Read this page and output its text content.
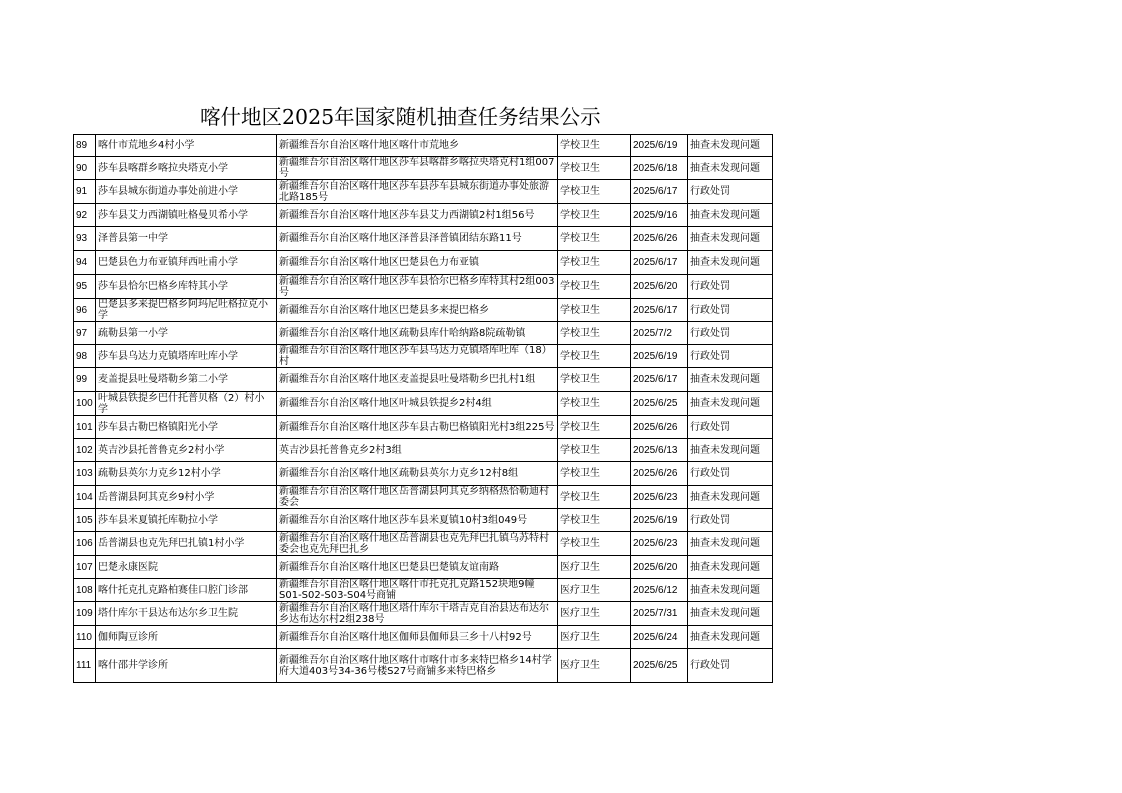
喀什地区2025年国家随机抽查任务结果公示
89	喀什市荒地乡4村小学	新疆维吾尔自治区喀什地区喀什市荒地乡	学校卫生	2025/6/19	抽查未发现问题
90	莎车县喀群乡喀拉央塔克小学	新疆维吾尔自治区喀什地区莎车县喀群乡喀拉央塔克村1组007号	学校卫生	2025/6/18	抽查未发现问题
91	莎车县城东街道办事处前进小学	新疆维吾尔自治区喀什地区莎车县莎车县城东街道办事处旅游北路185号	学校卫生	2025/6/17	行政处罚
92	莎车县艾力西湖镇吐格曼贝希小学	新疆维吾尔自治区喀什地区莎车县艾力西湖镇2村1组56号	学校卫生	2025/9/16	抽查未发现问题
93	泽普县第一中学	新疆维吾尔自治区喀什地区泽普县泽普镇团结东路11号	学校卫生	2025/6/26	抽查未发现问题
94	巴楚县色力布亚镇拜西吐甫小学	新疆维吾尔自治区喀什地区巴楚县色力布亚镇	学校卫生	2025/6/17	抽查未发现问题
95	莎车县恰尔巴格乡库特其小学	新疆维吾尔自治区喀什地区莎车县恰尔巴格乡库特其村2组003号	学校卫生	2025/6/20	行政处罚
96	巴楚县多来提巴格乡阿玛尼吐格拉克小学	新疆维吾尔自治区喀什地区巴楚县多来提巴格乡	学校卫生	2025/6/17	行政处罚
97	疏勒县第一小学	新疆维吾尔自治区喀什地区疏勒县库什哈纳路8院疏勒镇	学校卫生	2025/7/2	行政处罚
98	莎车县乌达力克镇塔库吐库小学	新疆维吾尔自治区喀什地区莎车县乌达力克镇塔库吐库（18）村	学校卫生	2025/6/19	行政处罚
99	麦盖提县吐曼塔勒乡第二小学	新疆维吾尔自治区喀什地区麦盖提县吐曼塔勒乡巴扎村1组	学校卫生	2025/6/17	抽查未发现问题
100	叶城县铁提乡巴什托普贝格（2）村小学	新疆维吾尔自治区喀什地区叶城县铁提乡2村4组	学校卫生	2025/6/25	抽查未发现问题
101	莎车县古勒巴格镇阳光小学	新疆维吾尔自治区喀什地区莎车县古勒巴格镇阳光村3组225号	学校卫生	2025/6/26	行政处罚
102	英吉沙县托普鲁克乡2村小学	英吉沙县托普鲁克乡2村3组	学校卫生	2025/6/13	抽查未发现问题
103	疏勒县英尔力克乡12村小学	新疆维吾尔自治区喀什地区疏勒县英尔力克乡12村8组	学校卫生	2025/6/26	行政处罚
104	岳普湖县阿其克乡9村小学	新疆维吾尔自治区喀什地区岳普湖县阿其克乡纳格热恰勒迪村委会	学校卫生	2025/6/23	抽查未发现问题
105	莎车县米夏镇托库勒拉小学	新疆维吾尔自治区喀什地区莎车县米夏镇10村3组049号	学校卫生	2025/6/19	行政处罚
106	岳普湖县也克先拜巴扎镇1村小学	新疆维吾尔自治区喀什地区岳普湖县也克先拜巴扎镇乌苏特村委会也克先拜巴扎乡	学校卫生	2025/6/23	抽查未发现问题
107	巴楚永康医院	新疆维吾尔自治区喀什地区巴楚县巴楚镇友谊南路	医疗卫生	2025/6/20	抽查未发现问题
108	喀什托克扎克路柏赛佳口腔门诊部	新疆维吾尔自治区喀什地区喀什市托克扎克路152块地9幢S01-S02-S03-S04号商铺	医疗卫生	2025/6/12	抽查未发现问题
109	塔什库尔干县达布达尔乡卫生院	新疆维吾尔自治区喀什地区塔什库尔干塔吉克自治县达布达尔乡达布达尔村2组238号	医疗卫生	2025/7/31	抽查未发现问题
110	伽师陶豆诊所	新疆维吾尔自治区喀什地区伽师县伽师县三乡十八村92号	医疗卫生	2025/6/24	抽查未发现问题
111	喀什邵井学诊所	新疆维吾尔自治区喀什地区喀什市喀什市多来特巴格乡14村学府大道403号34-36号楼S27号商铺多来特巴格乡	医疗卫生	2025/6/25	行政处罚
